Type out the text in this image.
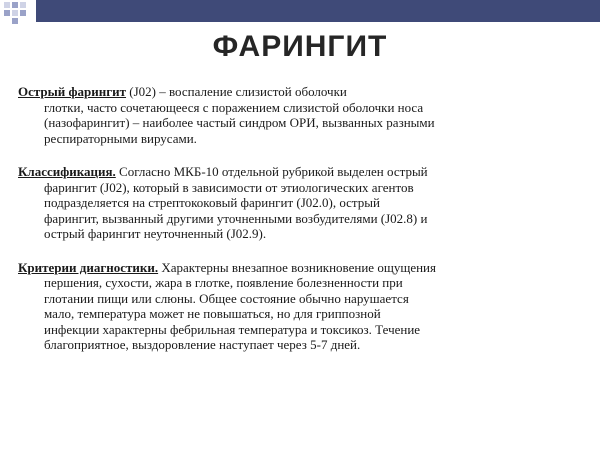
ФАРИНГИТ
Острый фарингит (J02) – воспаление слизистой оболочки
глотки, часто сочетающееся с поражением слизистой оболочки носа
(назофарингит) – наиболее частый синдром ОРИ, вызванных разными
респираторными вирусами.
Классификация. Согласно МКБ-10 отдельной рубрикой выделен острый
фарингит (J02), который в зависимости от этиологических агентов
подразделяется на стрептококовый фарингит (J02.0), острый
фарингит, вызванный другими уточненными возбудителями (J02.8) и
острый фарингит неуточненный (J02.9).
Критерии диагностики. Характерны внезапное возникновение ощущения
першения, сухости, жара в глотке, появление болезненности при
глотании пищи или слюны. Общее состояние обычно нарушается
мало, температура может не повышаться, но для гриппозной
инфекции характерны фебрильная температура и токсикоз. Течение
благоприятное, выздоровление наступает через 5-7 дней.
